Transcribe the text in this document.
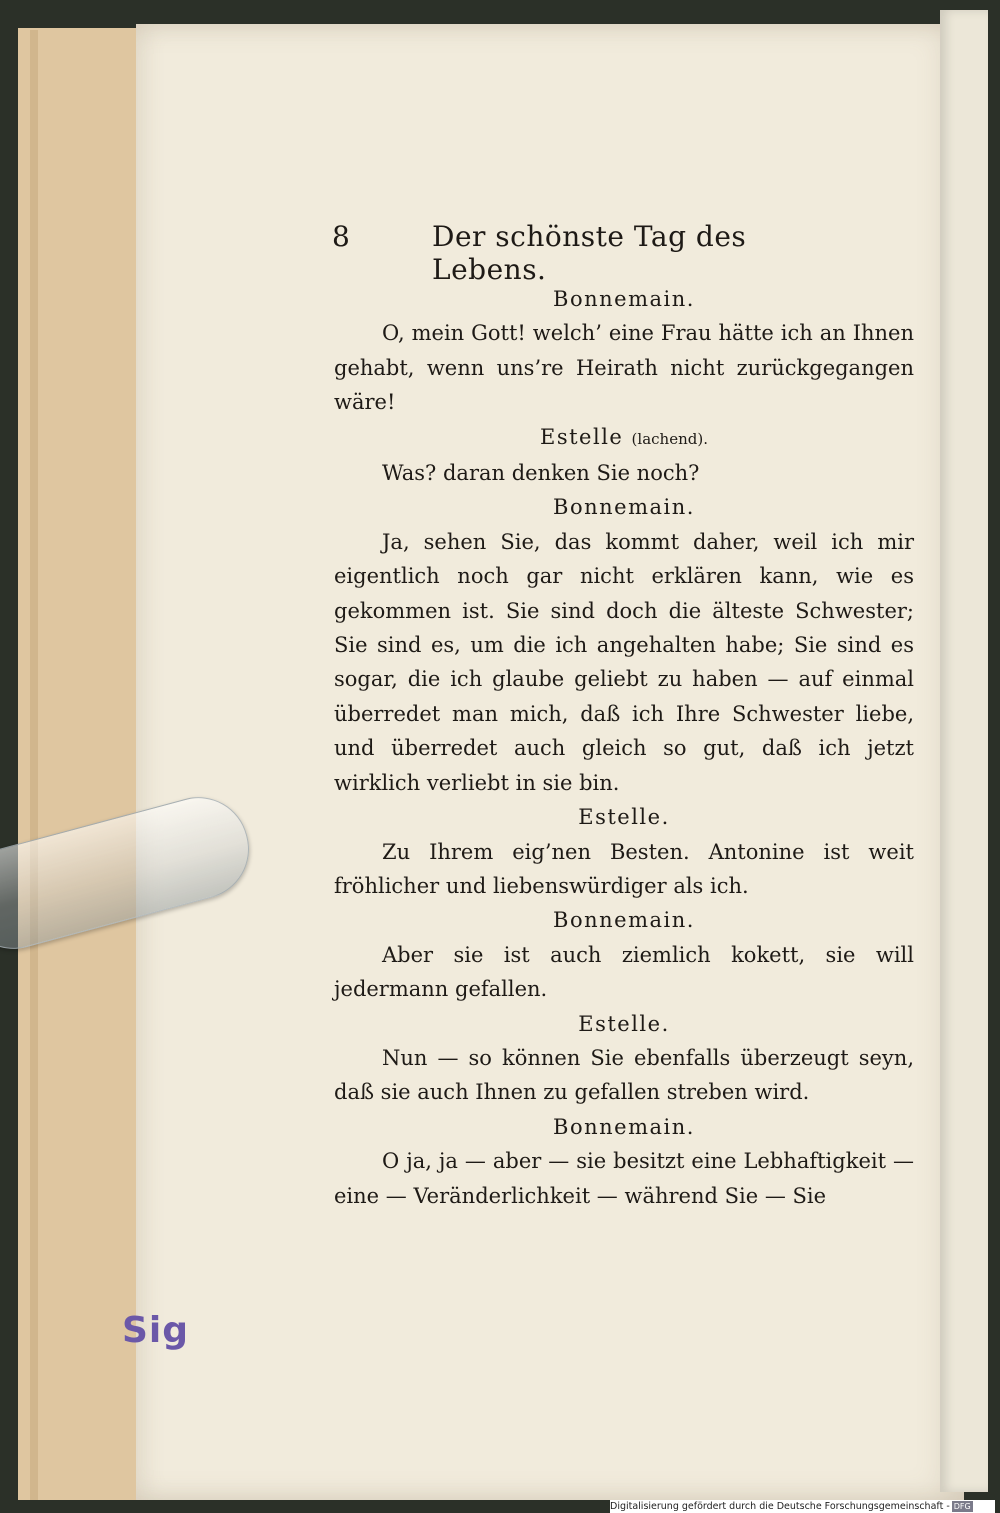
Sig
8	Der schönste Tag des Lebens.
Bonnemain.

O, mein Gott! welch’ eine Frau hätte ich an Ihnen gehabt, wenn uns’re Heirath nicht zurückgegangen wäre!

Estelle (lachend).

Was? daran denken Sie noch?

Bonnemain.

Ja, sehen Sie, das kommt daher, weil ich mir eigentlich noch gar nicht erklären kann, wie es gekommen ist. Sie sind doch die älteste Schwester; Sie sind es, um die ich angehalten habe; Sie sind es sogar, die ich glaube geliebt zu haben — auf einmal überredet man mich, daß ich Ihre Schwester liebe, und überredet auch gleich so gut, daß ich jetzt wirklich verliebt in sie bin.

Estelle.

Zu Ihrem eig’nen Besten. Antonine ist weit fröhlicher und liebenswürdiger als ich.

Bonnemain.

Aber sie ist auch ziemlich kokett, sie will jedermann gefallen.

Estelle.

Nun — so können Sie ebenfalls überzeugt seyn, daß sie auch Ihnen zu gefallen streben wird.

Bonnemain.

O ja, ja — aber — sie besitzt eine Lebhaftigkeit — eine — Veränderlichkeit — während Sie — Sie

Digitalisierung gefördert durch die Deutsche Forschungsgemeinschaft - DFG
